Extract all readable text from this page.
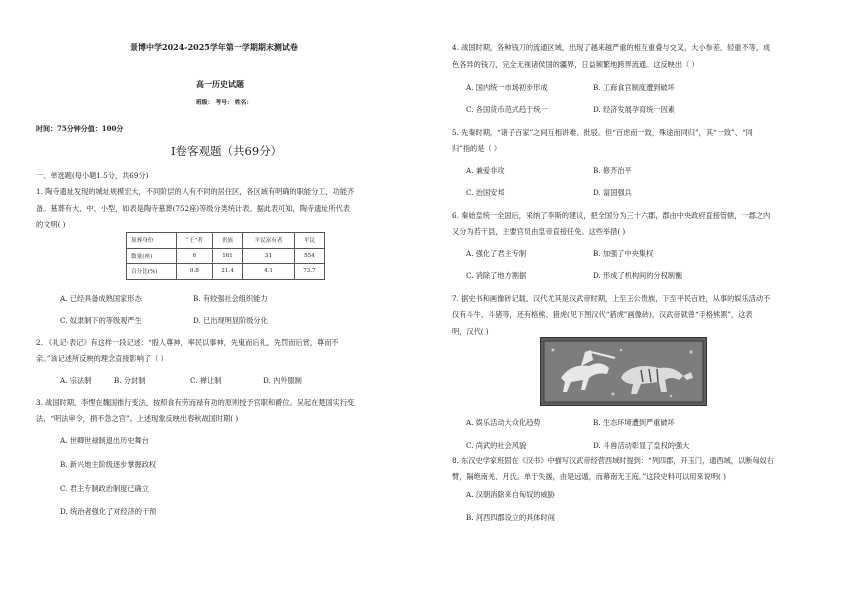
景博中学2024-2025学年第一学期期末测试卷
高一历史试题
班级： 考号： 姓名：
时间：75分钟分值：100分
Ⅰ卷客观题（共69分）
一、单选题(每小题1.5分，共69分)
1. 陶寺遗址发现的城址规模宏大，不同阶层的人有不同的居住区，各区域有明确的职能分工，功能齐
备。墓葬有大、中、小型，如表是陶寺墓葬(752座)等级分类统计表。据此表可知，陶寺遗址所代表
的文明( )
墓葬身份	“王”者	贵族	平民富有者	平民
数量(座)	6	161	31	554
百分比(%)	0.8	21.4	4.1	73.7
A. 已经具备成熟国家形态	B. 有较强社会组织能力
C. 奴隶制下的等级观严生	D. 已出现明显阶级分化
2. 《礼记·表记》有这样一段记述：“殷人尊神，率民以事神，先鬼而后礼，先罚而后赏，尊而不
亲。”该记述所反映的理念直接影响了（ ）
A. 宗法制	B. 分封制	C. 禅让制	D. 内外服制
3. 战国时期，李悝在魏国推行变法，按照食有劳而禄有功的原则授予官职和爵位。吴起在楚国实行变
法，“明法审令，捐不急之官”。上述现象反映出春秋战国时期( )
A. 世卿世禄制退出历史舞台
B. 新兴地主阶级逐步掌握政权
C. 君主专制政治制度已确立
D. 统治者强化了对经济的干预
4. 战国时期，各种钱刀的流通区域，出现了越来越严重的相互重叠与交叉，大小参差，轻重不等，成
色各异的钱刀，完全无视诸侯国的疆界，日益频繁地跨界流通。这反映出（ ）
A. 国内统一市场初步形成	B. 工商食官制度遭到破坏
C. 各国货币范式趋于统一	D. 经济发展孕育统一因素
5. 先秦时期，“诸子百家”之间互相讲难、批驳。但“百虑而一致，殊途而同归”，其“一致”、“同
归”指的是（ ）
A. 兼爱非攻	B. 修齐治平
C. 治国安邦	D. 富国强兵
6. 秦始皇统一全国后，采纳了李斯的建议，把全国分为三十六郡，郡由中央政府直接管辖，一郡之内
又分为若干县，主要官员由皇帝直接任免。这些举措( )
A. 强化了君主专制	B. 加强了中央集权
C. 消除了地方割据	D. 形成了机构间的分权制衡
7. 据史书和画像砖记载，汉代尤其是汉武帝时期，上至王公贵族，下至平民百姓，从事的娱乐活动不
仅有斗牛、斗猪等，还有格熊、猎虎(见下图汉代“猎虎”画像砖)，汉武帝就曾“手格熊罴”，这表
明，汉代( )
A. 娱乐活动大众化趋势	B. 生态环境遭到严重破坏
C. 尚武的社会风貌	D. 斗兽活动彰显了皇权的强大
8. 东汉史学家班固在《汉书》中描写汉武帝经营西域时提到：“列四郡，开玉门，通西域，以断匈奴右
臂，隔绝南羌、月氏。单于失援，由是远遁，而幕南无王庭。”这段史料可以用来说明( )
A. 汉朝消除来自匈奴的威胁
B. 河西四郡设立的具体时间
